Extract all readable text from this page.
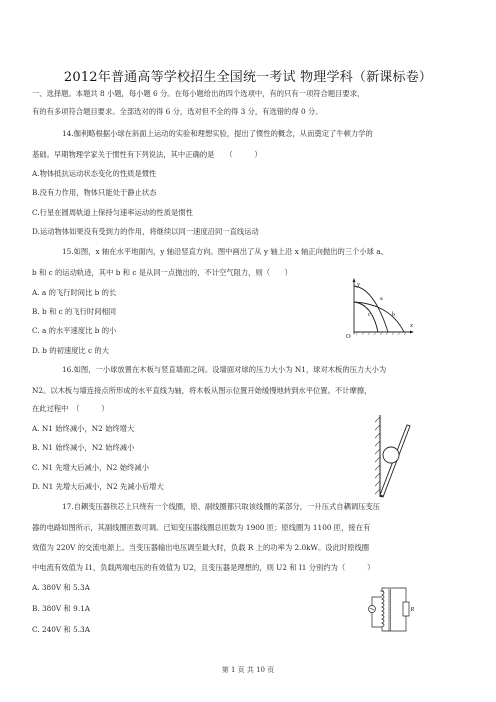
2012年普通高等学校招生全国统一考试 物理学科（新课标卷）
一、选择题。本题共 8 小题，每小题 6 分。在每小题给出的四个选项中，有的只有一项符合题目要求，
有的有多项符合题目要求。全部选对的得 6 分，选对但不全的得 3 分，有选错的得 0 分。
14.伽利略根据小球在斜面上运动的实验和理想实验，提出了惯性的概念，从而奠定了牛顿力学的
基础。早期物理学家关于惯性有下列说法，其中正确的是　　（　　　）
A.物体抵抗运动状态变化的性质是惯性
B.没有力作用，物体只能处于静止状态
C.行星在圆周轨道上保持匀速率运动的性质是惯性
D.运动物体如果没有受到力的作用，将继续以同一速度沿同一直线运动
15.如图，x 轴在水平地面内，y 轴沿竖直方向。图中画出了从 y 轴上沿 x 轴正向抛出的三个小球 a、
b 和 c 的运动轨迹，其中 b 和 c 是从同一点抛出的，不计空气阻力，则（　　）
A. a 的飞行时间比 b 的长
B. b 和 c 的飞行时间相同
C. a 的水平速度比 b 的小
D. b 的初速度比 c 的大
y
O
x
a
b
c
16.如图，一小球放置在木板与竖直墙面之间。设墙面对球的压力大小为 N1，球对木板的压力大小为
N2。以木板与墙连接点所形成的水平直线为轴，将木板从图示位置开始缓慢地转到水平位置。不计摩擦，
在此过程中　（　　　）
A. N1 始终减小，N2 始终增大
B. N1 始终减小，N2 始终减小
C. N1 先增大后减小，N2 始终减小
D. N1 先增大后减小，N2 先减小后增大
17.自耦变压器铁芯上只绕有一个线圈，原、副线圈都只取该线圈的某部分，一升压式自耦调压变压
器的电路如图所示，其副线圈匝数可调。已知变压器线圈总匝数为 1900 匝；原线圈为 1100 匝，接在有
效值为 220V 的交流电源上。当变压器输出电压调至最大时，负载 R 上的功率为 2.0kW。设此时原线圈
中电流有效值为 I1，负载两端电压的有效值为 U2，且变压器是理想的，则 U2 和 I1 分别约为（　　　）
A. 380V 和 5.3A
B. 380V 和 9.1A
C. 240V 和 5.3A
R
第 1 页 共 10 页
